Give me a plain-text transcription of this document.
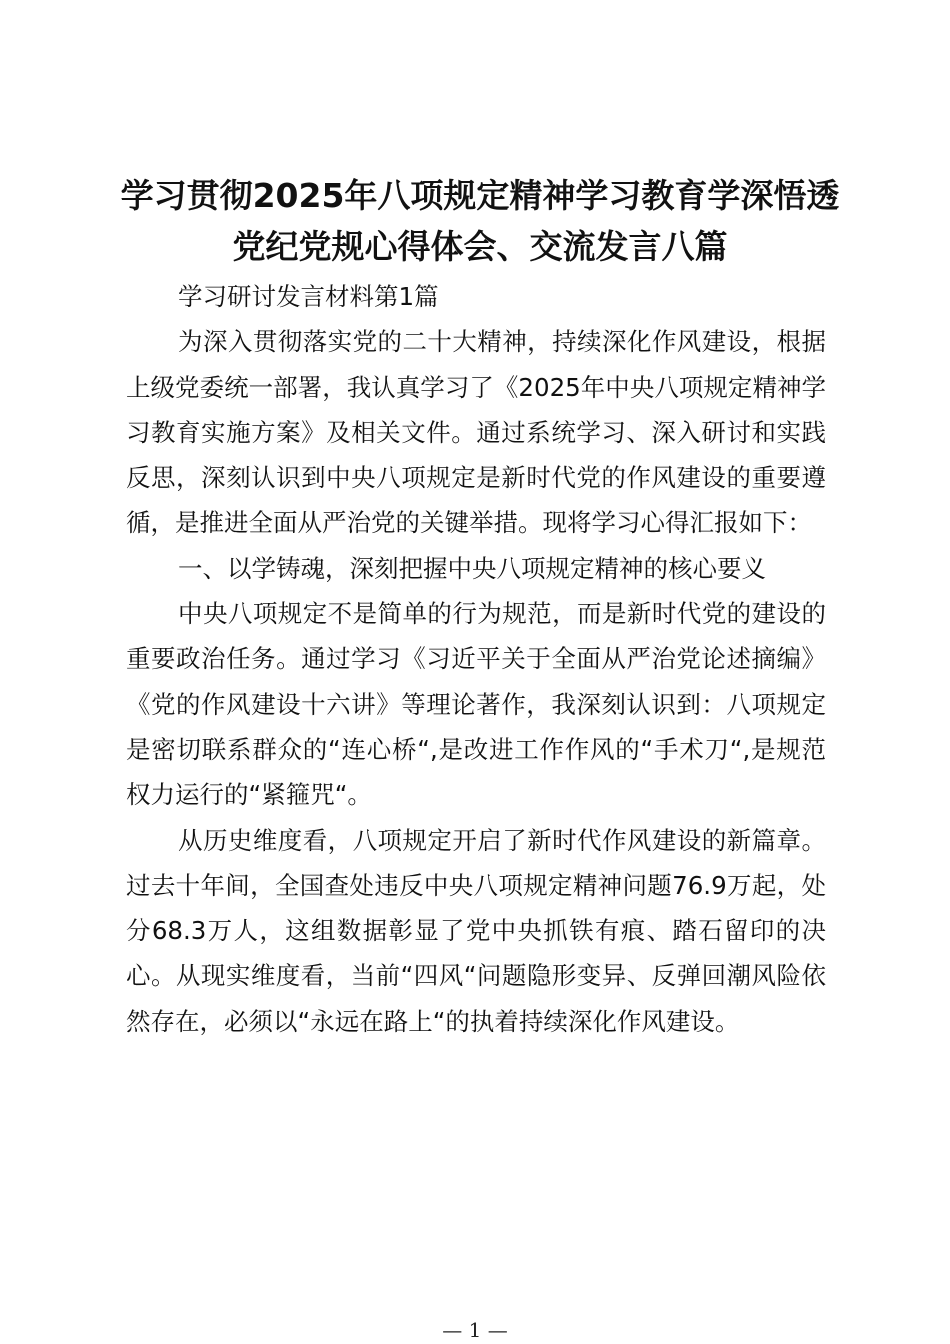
学习贯彻2025年八项规定精神学习教育学深悟透党纪党规心得体会、交流发言八篇

学习研讨发言材料第1篇

为深入贯彻落实党的二十大精神，持续深化作风建设，根据上级党委统一部署，我认真学习了《2025年中央八项规定精神学习教育实施方案》及相关文件。通过系统学习、深入研讨和实践反思，深刻认识到中央八项规定是新时代党的作风建设的重要遵循，是推进全面从严治党的关键举措。现将学习心得汇报如下：

一、以学铸魂，深刻把握中央八项规定精神的核心要义

中央八项规定不是简单的行为规范，而是新时代党的建设的重要政治任务。通过学习《习近平关于全面从严治党论述摘编》《党的作风建设十六讲》等理论著作，我深刻认识到：八项规定是密切联系群众的“连心桥“,是改进工作作风的“手术刀“,是规范权力运行的“紧箍咒“。

从历史维度看，八项规定开启了新时代作风建设的新篇章。过去十年间，全国查处违反中央八项规定精神问题76.9万起，处分68.3万人，这组数据彰显了党中央抓铁有痕、踏石留印的决心。从现实维度看，当前“四风“问题隐形变异、反弹回潮风险依然存在，必须以“永远在路上“的执着持续深化作风建设。

— 1 —
